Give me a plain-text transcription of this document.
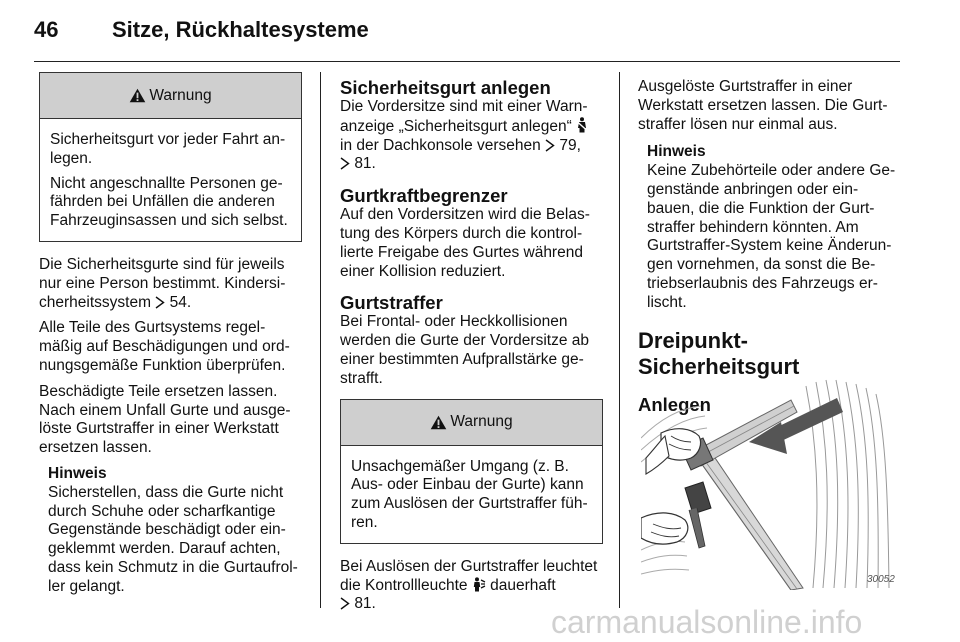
46 Sitze, Rückhaltesysteme
Warnung

Sicherheitsgurt vor jeder Fahrt an-legen.

Nicht angeschnallte Personen ge-fährden bei Unfällen die anderen Fahrzeuginsassen und sich selbst.

Die Sicherheitsgurte sind für jeweils nur eine Person bestimmt. Kindersi-cherheitssystem 54.

Alle Teile des Gurtsystems regel-mäßig auf Beschädigungen und ord-nungsgemäße Funktion überprüfen.

Beschädigte Teile ersetzen lassen. Nach einem Unfall Gurte und ausge-löste Gurtstraffer in einer Werkstatt ersetzen lassen.

Hinweis

Sicherstellen, dass die Gurte nicht durch Schuhe oder scharfkantige Gegenstände beschädigt oder ein-geklemmt werden. Darauf achten, dass kein Schmutz in die Gurtaufrol-ler gelangt.

Sicherheitsgurt anlegen

Die Vordersitze sind mit einer Warn-anzeige „Sicherheitsgurt anlegen“
in der Dachkonsole versehen 79,
81.

Gurtkraftbegrenzer

Auf den Vordersitzen wird die Belas-tung des Körpers durch die kontrol-lierte Freigabe des Gurtes während einer Kollision reduziert.

Gurtstraffer

Bei Frontal- oder Heckkollisionen werden die Gurte der Vordersitze ab einer bestimmten Aufprallstärke ge-strafft.

Warnung

Unsachgemäßer Umgang (z. B. Aus- oder Einbau der Gurte) kann zum Auslösen der Gurtstraffer füh-ren.

Bei Auslösen der Gurtstraffer leuchtet die Kontrollleuchte dauerhaft
81.

Ausgelöste Gurtstraffer in einer Werkstatt ersetzen lassen. Die Gurt-straffer lösen nur einmal aus.

Hinweis

Keine Zubehörteile oder andere Ge-genstände anbringen oder ein-bauen, die die Funktion der Gurt-straffer behindern könnten. Am Gurtstraffer-System keine Änderun-gen vornehmen, da sonst die Be-triebserlaubnis des Fahrzeugs er-lischt.

Dreipunkt-Sicherheitsgurt
Anlegen
30052
carmanualsonline.info
